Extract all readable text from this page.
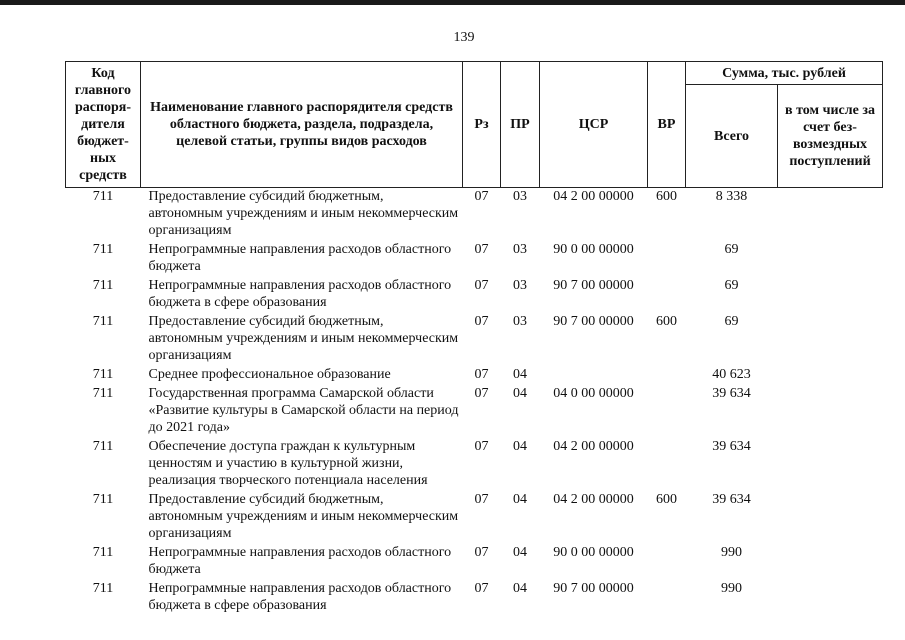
139
Код главного распоря-дителя бюджет-ных средств	Наименование главного распорядителя средств областного бюджета, раздела, подраздела, целевой статьи, группы видов расходов	Рз	ПР	ЦСР	ВР	Сумма, тыс. рублей	
						Всего	в том числе за счет без-возмездных поступлений
711	Предоставление субсидий бюджетным, автономным учреждениям и иным некоммерческим организациям	07	03	04 2 00 00000	600	8 338	
711	Непрограммные направления расходов областного бюджета	07	03	90 0 00 00000		69	
711	Непрограммные направления расходов областного бюджета в сфере образования	07	03	90 7 00 00000		69	
711	Предоставление субсидий бюджетным, автономным учреждениям и иным некоммерческим организациям	07	03	90 7 00 00000	600	69	
711	Среднее профессиональное образование	07	04			40 623	
711	Государственная программа Самарской области «Развитие культуры в Самарской области на период до 2021 года»	07	04	04 0 00 00000		39 634	
711	Обеспечение доступа граждан к культурным ценностям и участию в культурной жизни, реализация творческого потенциала населения	07	04	04 2 00 00000		39 634	
711	Предоставление субсидий бюджетным, автономным учреждениям и иным некоммерческим организациям	07	04	04 2 00 00000	600	39 634	
711	Непрограммные направления расходов областного бюджета	07	04	90 0 00 00000		990	
711	Непрограммные направления расходов областного бюджета в сфере образования	07	04	90 7 00 00000		990	
